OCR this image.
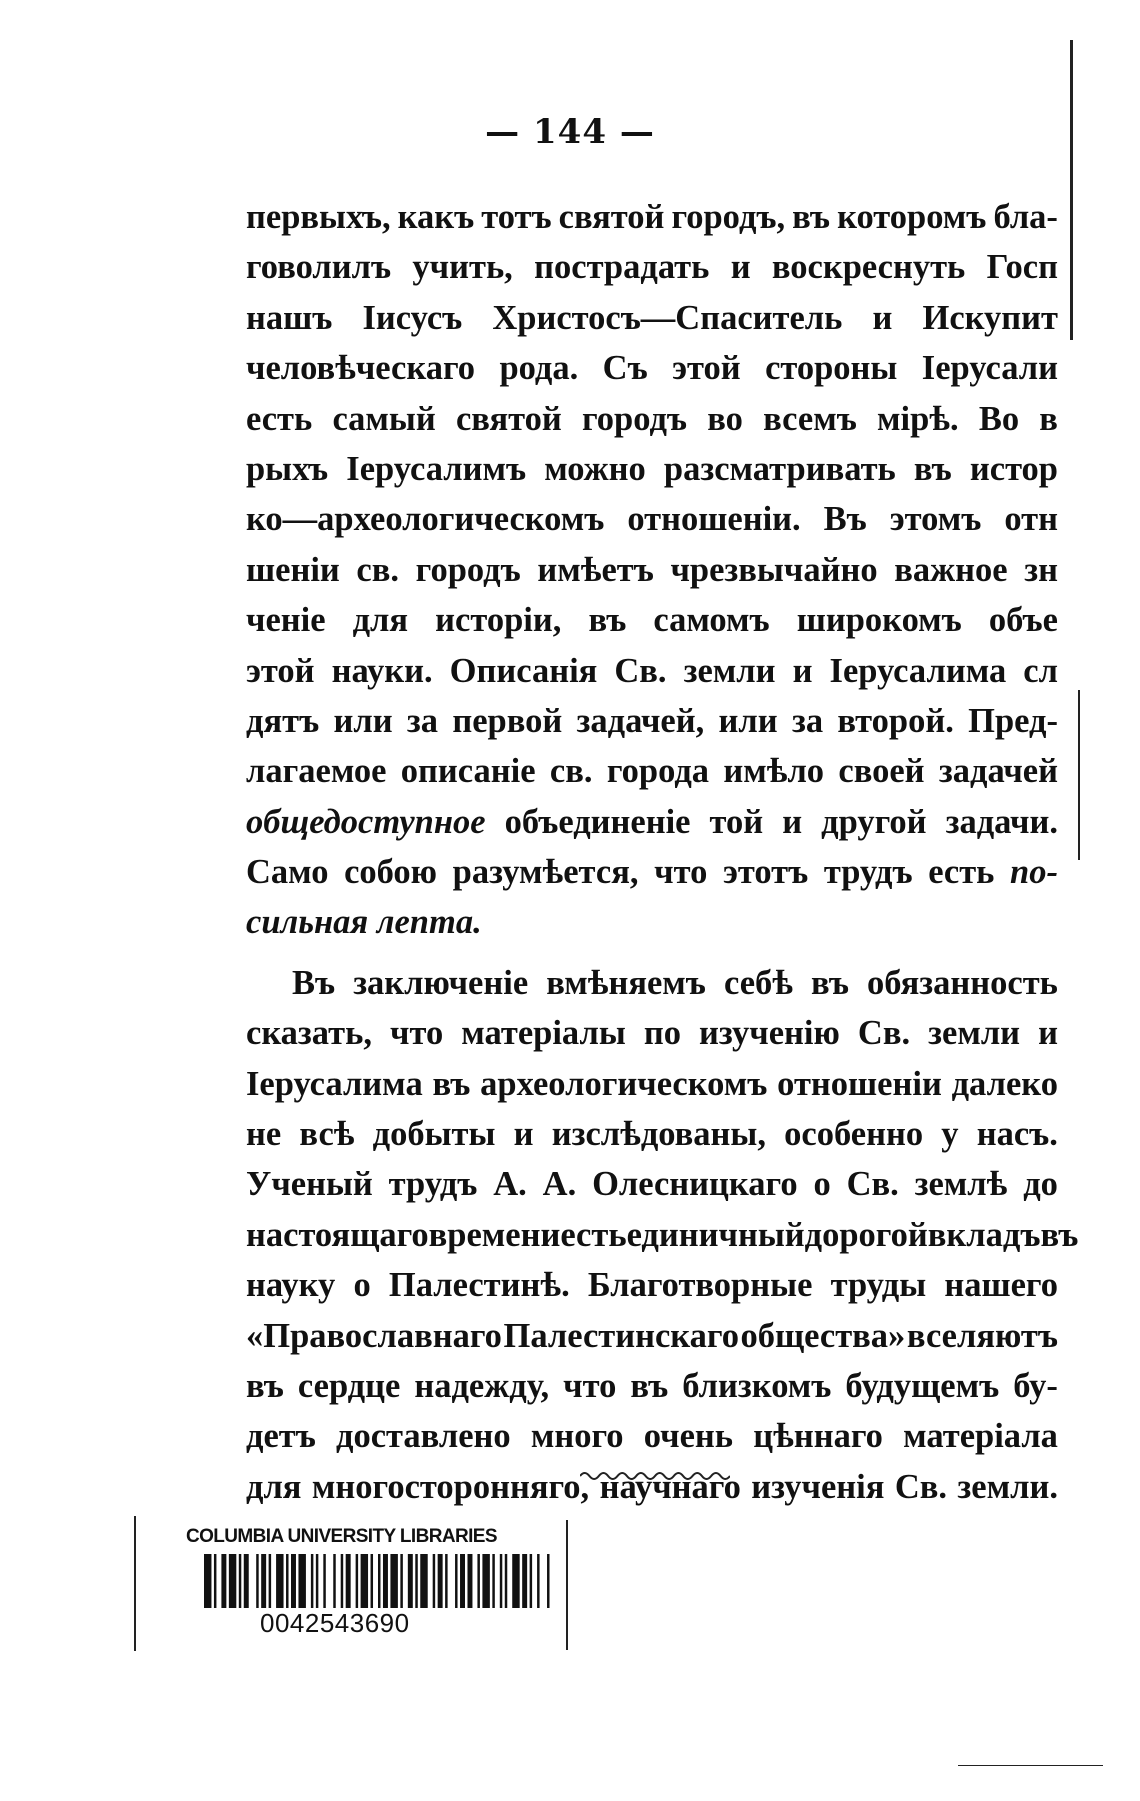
— 144 —
первыхъ, какъ тотъ святой городъ, въ которомъ бла-
говолилъ учить, пострадать и воскреснуть Госп
нашъ Іисусъ Христосъ—Спаситель и Искупит
человѣческаго рода. Съ этой стороны Іерусали
есть самый святой городъ во всемъ мірѣ. Во в
рыхъ Іерусалимъ можно разсматривать въ истор
ко—археологическомъ отношеніи. Въ этомъ отн
шеніи св. городъ имѣетъ чрезвычайно важное зн
ченіе для исторіи, въ самомъ широкомъ объе
этой науки. Описанія Св. земли и Іерусалима сл
дятъ или за первой задачей, или за второй. Пред-
лагаемое описаніе св. города имѣло своей задачей
общедоступное объединеніе той и другой задачи.
Само собою разумѣется, что этотъ трудъ есть по-
сильная лепта.
Въ заключеніе вмѣняемъ себѣ въ обязанность
сказать, что матеріалы по изученію Св. земли и
Іерусалима въ археологическомъ отношеніи далеко
не всѣ добыты и изслѣдованы, особенно у насъ.
Ученый трудъ А. А. Олесницкаго о Св. землѣ до
настоящаго времени есть единичный дорогой вкладъ въ
науку о Палестинѣ. Благотворные труды нашего
«Православнаго Палестинскаго общества» вселяютъ
въ сердце надежду, что въ близкомъ будущемъ бу-
детъ доставлено много очень цѣннаго матеріала
для многосторонняго, научнаго изученія Св. земли.
COLUMBIA UNIVERSITY LIBRARIES
0042543690
